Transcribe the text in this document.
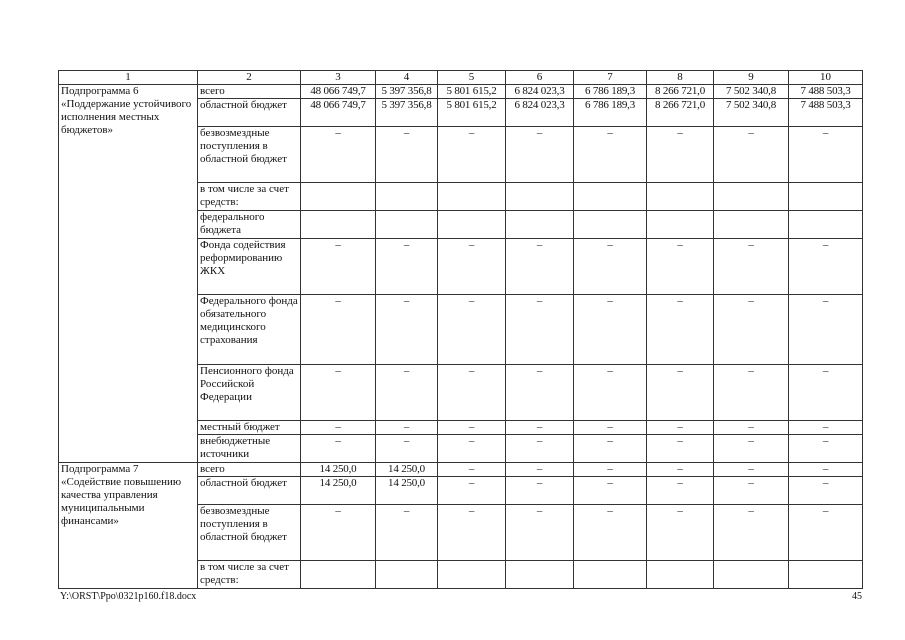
1	2	3	4	5	6	7	8	9	10
Подпрограмма 6 «Поддержание устойчивого исполнения местных бюджетов»	всего	48 066 749,7	5 397 356,8	5 801 615,2	6 824 023,3	6 786 189,3	8 266 721,0	7 502 340,8	7 488 503,3
	областной бюджет	48 066 749,7	5 397 356,8	5 801 615,2	6 824 023,3	6 786 189,3	8 266 721,0	7 502 340,8	7 488 503,3
	безвозмездные поступления в областной бюджет	–	–	–	–	–	–	–	–
	в том числе за счет средств:								
	федерального бюджета								
	Фонда содействия реформированию ЖКХ	–	–	–	–	–	–	–	–
	Федерального фонда обязательного медицинского страхования	–	–	–	–	–	–	–	–
	Пенсионного фонда Российской Федерации	–	–	–	–	–	–	–	–
	местный бюджет	–	–	–	–	–	–	–	–
	внебюджетные источники	–	–	–	–	–	–	–	–
Подпрограмма 7 «Содействие повышению качества управления муниципальными финансами»	всего	14 250,0	14 250,0	–	–	–	–	–	–
	областной бюджет	14 250,0	14 250,0	–	–	–	–	–	–
	безвозмездные поступления в областной бюджет	–	–	–	–	–	–	–	–
	в том числе за счет средств:								
Y:\ORST\Ppo\0321p160.f18.docx	45
